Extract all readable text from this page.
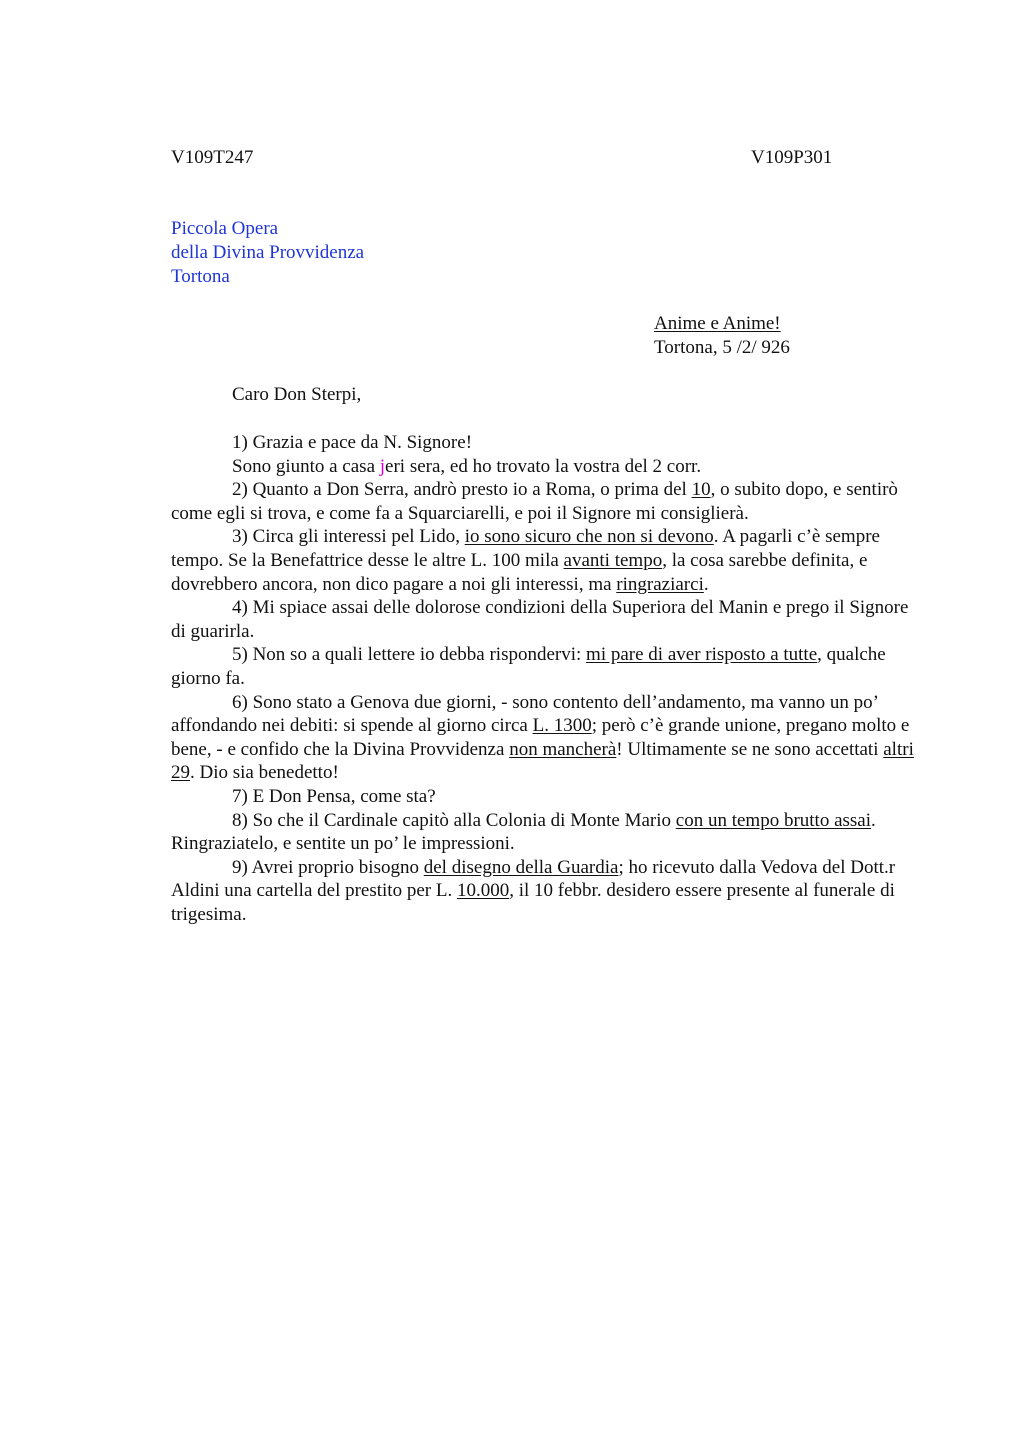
V109T247	V109P301
Piccola Opera
della Divina Provvidenza
Tortona
Anime e Anime!
Tortona, 5 /2/ 926
Caro Don Sterpi,

1) Grazia e pace da N. Signore!

Sono giunto a casa jeri sera, ed ho trovato la vostra del 2 corr.

2) Quanto a Don Serra, andrò presto io a Roma, o prima del 10, o subito dopo, e sentirò come egli si trova, e come fa a Squarciarelli, e poi il Signore mi consiglierà.

3) Circa gli interessi pel Lido, io sono sicuro che non si devono. A pagarli c’è sempre tempo. Se la Benefattrice desse le altre L. 100 mila avanti tempo, la cosa sarebbe definita, e dovrebbero ancora, non dico pagare a noi gli interessi, ma ringraziarci.

4) Mi spiace assai delle dolorose condizioni della Superiora del Manin e prego il Signore di guarirla.

5) Non so a quali lettere io debba rispondervi: mi pare di aver risposto a tutte, qualche giorno fa.

6) Sono stato a Genova due giorni, - sono contento dell’andamento, ma vanno un po’ affondando nei debiti: si spende al giorno circa L. 1300; però c’è grande unione, pregano molto e bene, - e confido che la Divina Provvidenza non mancherà! Ultimamente se ne sono accettati altri 29. Dio sia benedetto!

7) E Don Pensa, come sta?

8) So che il Cardinale capitò alla Colonia di Monte Mario con un tempo brutto assai. Ringraziatelo, e sentite un po’ le impressioni.

9) Avrei proprio bisogno del disegno della Guardia; ho ricevuto dalla Vedova del Dott.r Aldini una cartella del prestito per L. 10.000, il 10 febbr. desidero essere presente al funerale di trigesima.
